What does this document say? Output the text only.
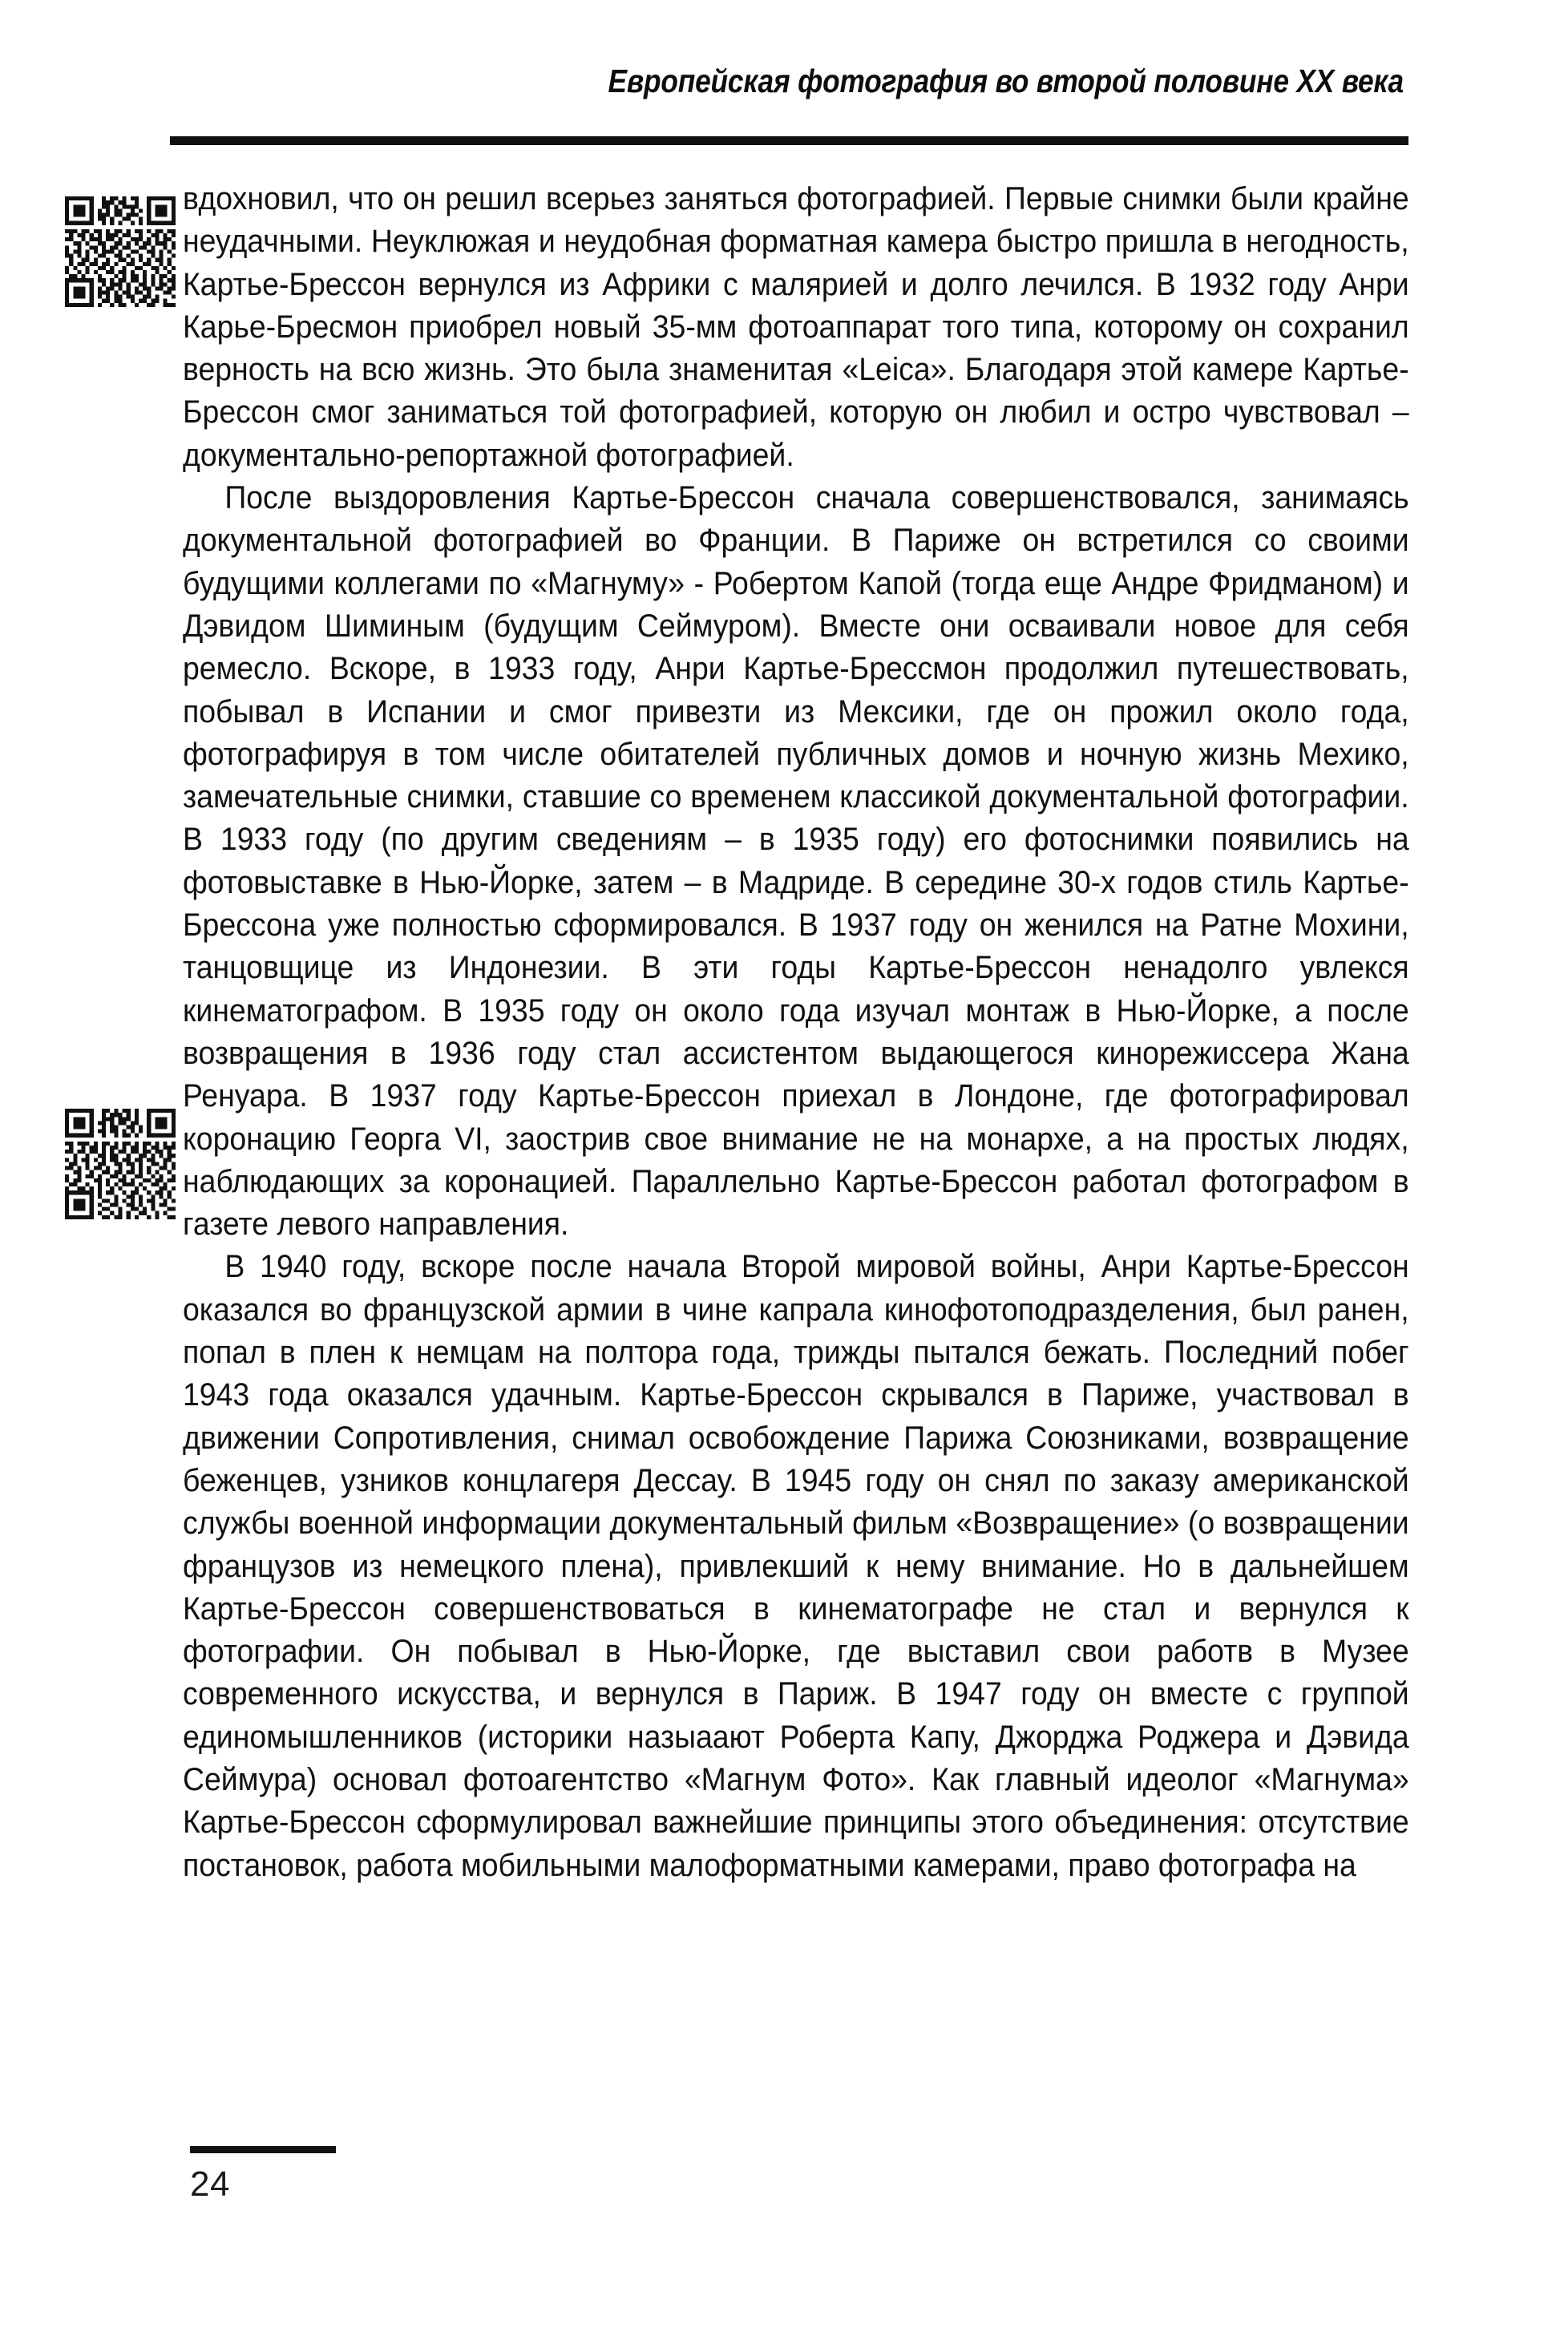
Европейская фотография во второй половине XX века

вдохновил, что он решил всерьез заняться фотографией. Первые снимки были крайне неудачными. Неуклюжая и неудобная форматная камера быстро пришла в негодность, Картье-Брессон вернулся из Африки с малярией и долго лечился. В 1932 году Анри Карье-Бресмон приобрел новый 35-мм фотоаппарат того типа, которому он сохранил верность на всю жизнь. Это была знаменитая «Leica». Благодаря этой камере Картье-Брессон смог заниматься той фотографией, которую он любил и остро чувствовал – документально-репортажной фотографией.

После выздоровления Картье-Брессон сначала совершенствовался, занимаясь документальной фотографией во Франции. В Париже он встретился со своими будущими коллегами по «Магнуму» - Робертом Капой (тогда еще Андре Фридманом) и Дэвидом Шиминым (будущим Сеймуром). Вместе они осваивали новое для себя ремесло. Вскоре, в 1933 году, Анри Картье-Брессмон продолжил путешествовать, побывал в Испании и смог привезти из Мексики, где он прожил около года, фотографируя в том числе обитателей публичных домов и ночную жизнь Мехико, замечательные снимки, ставшие со временем классикой документальной фотографии. В 1933 году (по другим сведениям – в 1935 году) его фотоснимки появились на фотовыставке в Нью-Йорке, затем – в Мадриде. В середине 30-х годов стиль Картье-Брессона уже полностью сформировался. В 1937 году он женился на Ратне Мохини, танцовщице из Индонезии. В эти годы Картье-Брессон ненадолго увлекся кинематографом. В 1935 году он около года изучал монтаж в Нью-Йорке, а после возвращения в 1936 году стал ассистентом выдающегося кинорежиссера Жана Ренуара. В 1937 году Картье-Брессон приехал в Лондоне, где фотографировал коронацию Георга VI, заострив свое внимание не на монархе, а на простых людях, наблюдающих за коронацией. Параллельно Картье-Брессон работал фотографом в газете левого направления.

В 1940 году, вскоре после начала Второй мировой войны, Анри Картье-Брессон оказался во французской армии в чине капрала кинофотоподразделения, был ранен, попал в плен к немцам на полтора года, трижды пытался бежать. Последний побег 1943 года оказался удачным. Картье-Брессон скрывался в Париже, участвовал в движении Сопротивления, снимал освобождение Парижа Союзниками, возвращение беженцев, узников концлагеря Дессау. В 1945 году он снял по заказу американской службы военной информации документальный фильм «Возвращение» (о возвращении французов из немецкого плена), привлекший к нему внимание. Но в дальнейшем Картье-Брессон совершенствоваться в кинематографе не стал и вернулся к фотографии. Он побывал в Нью-Йорке, где выставил свои работв в Музее современного искусства, и вернулся в Париж. В 1947 году он вместе с группой единомышленников (историки назыаают Роберта Капу, Джорджа Роджера и Дэвида Сеймура) основал фотоагентство «Магнум Фото». Как главный идеолог «Магнума» Картье-Брессон сформулировал важнейшие принципы этого объединения: отсутствие постановок, работа мобильными малоформатными камерами, право фотографа на

24
